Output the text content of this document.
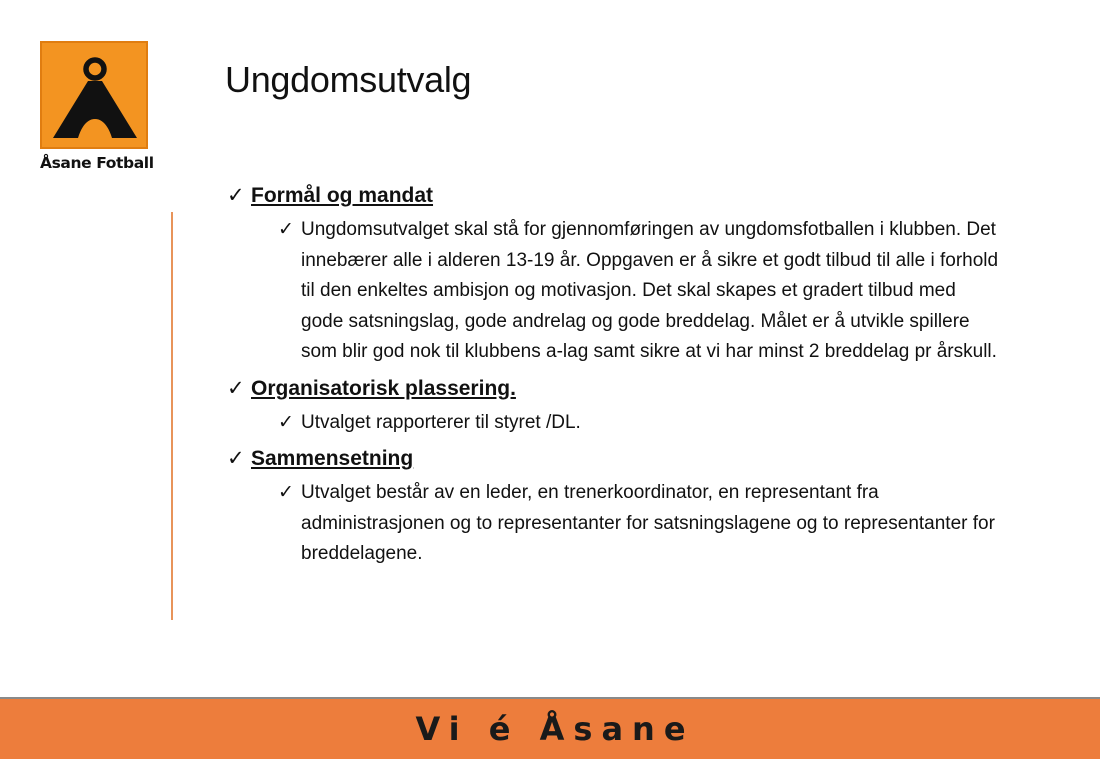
Åsane Fotball
Ungdomsutvalg
✓ Formål og mandat
✓ Ungdomsutvalget skal stå for gjennomføringen av ungdomsfotballen i klubben. Det innebærer alle i alderen 13-19 år. Oppgaven er å sikre et godt tilbud til alle i forhold til den enkeltes ambisjon og motivasjon. Det skal skapes et gradert tilbud med gode satsningslag, gode andrelag og gode breddelag. Målet er å utvikle spillere som blir god nok til klubbens a-lag samt sikre at vi har minst 2 breddelag pr årskull.
✓ Organisatorisk plassering.
✓ Utvalget rapporterer til styret /DL.
✓ Sammensetning
✓ Utvalget består av en leder, en trenerkoordinator, en representant fra administrasjonen og to representanter for satsningslagene og to representanter for breddelagene.
Vi é Åsane
